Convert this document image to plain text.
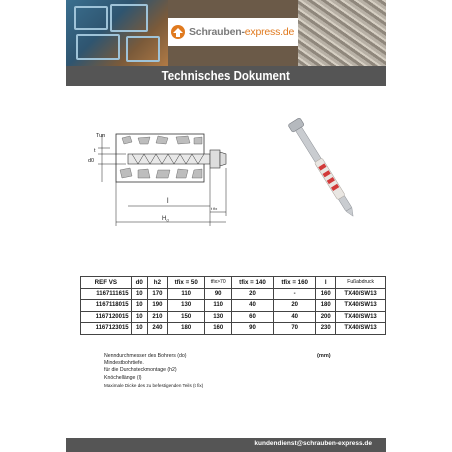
Schrauben-express.de
Technisches Dokument
Tun
t
d0
l
$H_d$
t fix
REF VS	d0	h2	tfix = 50	tfix>70	tfix = 140	tfix = 160	l	Fußabdruck
1167111615	10	170	110	90	20	-	160	TX40/SW13
1167118015	10	190	130	110	40	20	180	TX40/SW13
1167120015	10	210	150	130	60	40	200	TX40/SW13
1167123015	10	240	180	160	90	70	230	TX40/SW13
Nenndurchmesser des Bohrers (do)
Mindestbohrtiefe.
für die Durchsteckmontage (h2)
Knöchellänge (l)
Maximale Dicke des zu befestigenden Teils (t fix)
(mm)
kundendienst@schrauben-express.de
